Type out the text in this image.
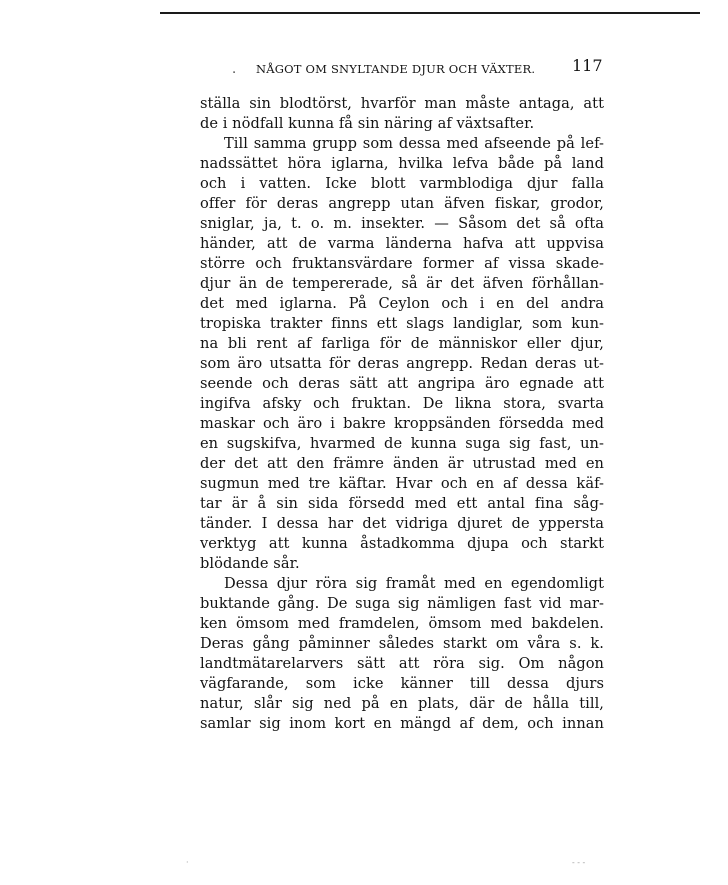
. NÅGOT OM SNYLTANDE DJUR OCH VÄXTER. 117
ställa sin blodtörst, hvarför man måste antaga, att
de i nödfall kunna få sin näring af växtsafter.
Till samma grupp som dessa med afseende på lef-
nadssättet höra iglarna, hvilka lefva både på land
och i vatten. Icke blott varmblodiga djur falla
offer för deras angrepp utan äfven fiskar, grodor,
sniglar, ja, t. o. m. insekter. — Såsom det så ofta
händer, att de varma länderna hafva att uppvisa
större och fruktansvärdare former af vissa skade-
djur än de tempererade, så är det äfven förhållan-
det med iglarna. På Ceylon och i en del andra
tropiska trakter finns ett slags landiglar, som kun-
na bli rent af farliga för de människor eller djur,
som äro utsatta för deras angrepp. Redan deras ut-
seende och deras sätt att angripa äro egnade att
ingifva afsky och fruktan. De likna stora, svarta
maskar och äro i bakre kroppsänden försedda med
en sugskifva, hvarmed de kunna suga sig fast, un-
der det att den främre änden är utrustad med en
sugmun med tre käftar. Hvar och en af dessa käf-
tar är å sin sida försedd med ett antal fina såg-
tänder. I dessa har det vidriga djuret de yppersta
verktyg att kunna åstadkomma djupa och starkt
blödande sår.
Dessa djur röra sig framåt med en egendomligt
buktande gång. De suga sig nämligen fast vid mar-
ken ömsom med framdelen, ömsom med bakdelen.
Deras gång påminner således starkt om våra s. k.
landtmätarelarvers sätt att röra sig. Om någon
vägfarande, som icke känner till dessa djurs
natur, slår sig ned på en plats, där de hålla till,
samlar sig inom kort en mängd af dem, och innan
·	‐ ‐ ‐
